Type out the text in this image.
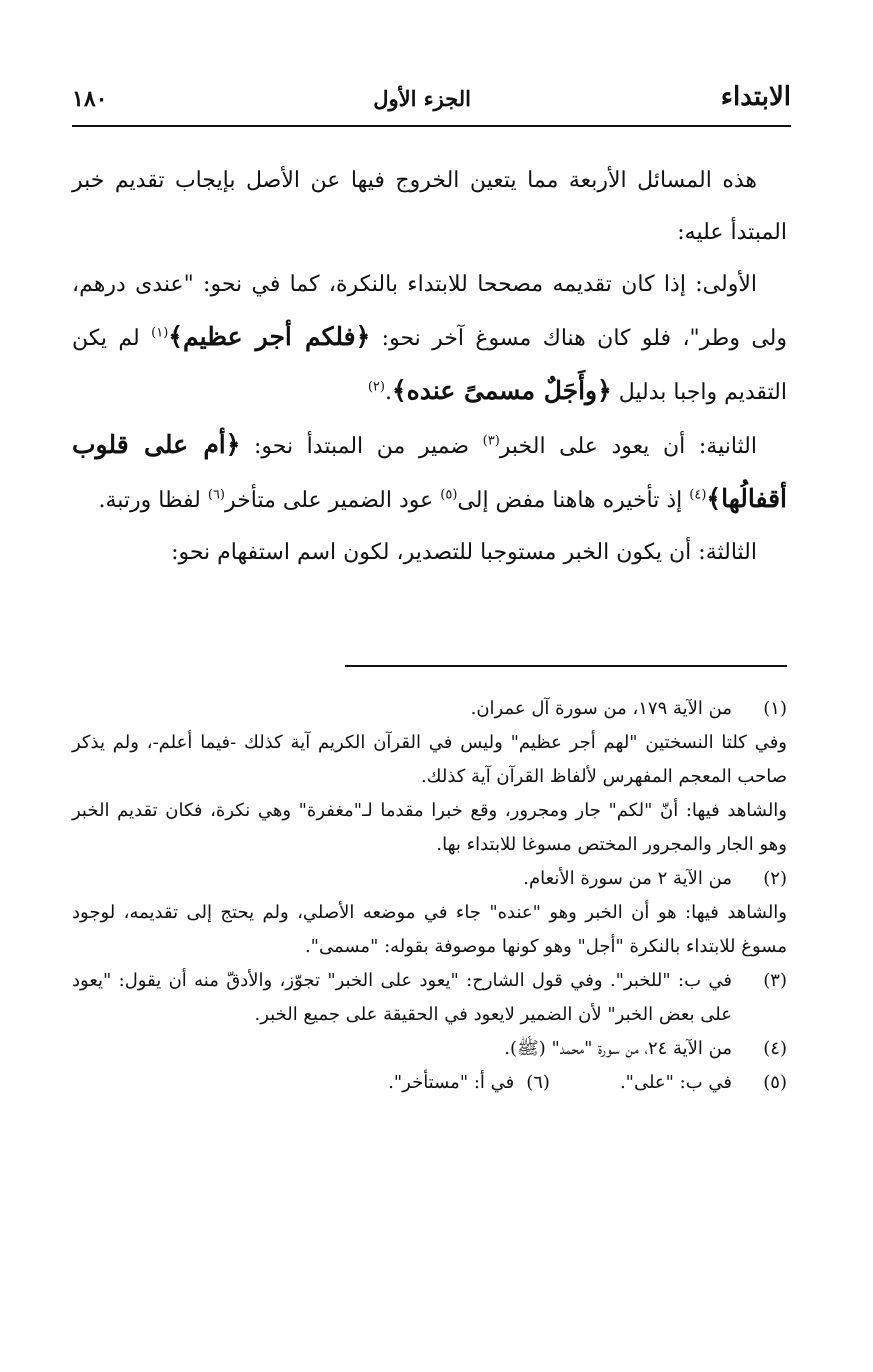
الابتداء
الجزء الأول
١٨٠

هذه المسائل الأربعة مما يتعين الخروج فيها عن الأصل بإيجاب تقديم خبر المبتدأ عليه:

الأولى: إذا كان تقديمه مصححا للابتداء بالنكرة، كما في نحو: "عندى درهم، ولى وطر"، فلو كان هناك مسوغ آخر نحو: ﴿فلكم أجر عظيم﴾$^{(١)}$ لم يكن التقديم واجبا بدليل ﴿وأَجَلٌ مسمىً عنده﴾.$^{(٢)}$

الثانية: أن يعود على الخبر$^{(٣)}$ ضمير من المبتدأ نحو: ﴿أم على قلوب أقفالُها﴾$^{(٤)}$ إذ تأخيره هاهنا مفض إلى$^{(٥)}$ عود الضمير على متأخر$^{(٦)}$ لفظا ورتبة.

الثالثة: أن يكون الخبر مستوجبا للتصدير، لكون اسم استفهام نحو:

(١)
من الآية ١٧٩، من سورة آل عمران.

وفي كلتا النسختين "لهم أجر عظيم" وليس في القرآن الكريم آية كذلك -فيما أعلم-، ولم يذكر صاحب المعجم المفهرس لألفاظ القرآن آية كذلك.

والشاهد فيها: أنّ "لكم" جار ومجرور، وقع خبرا مقدما لـ"مغفرة" وهي نكرة، فكان تقديم الخبر وهو الجار والمجرور المختص مسوغا للابتداء بها.

(٢)
من الآية ٢ من سورة الأنعام.

والشاهد فيها: هو أن الخبر وهو "عنده" جاء في موضعه الأصلي، ولم يحتج إلى تقديمه، لوجود مسوغ للابتداء بالنكرة "أجل" وهو كونها موصوفة بقوله: "مسمى".

(٣)
في ب: "للخبر". وفي قول الشارح: "يعود على الخبر" تجوّز، والأدقّ منه أن يقول: "يعود على بعض الخبر" لأن الضمير لايعود في الحقيقة على جميع الخبر.
(٤)
من الآية ٢٤، من سورة "محمد" (ﷺ).
(٥)
في ب: "على".
(٦)
في أ: "مستأخر".
